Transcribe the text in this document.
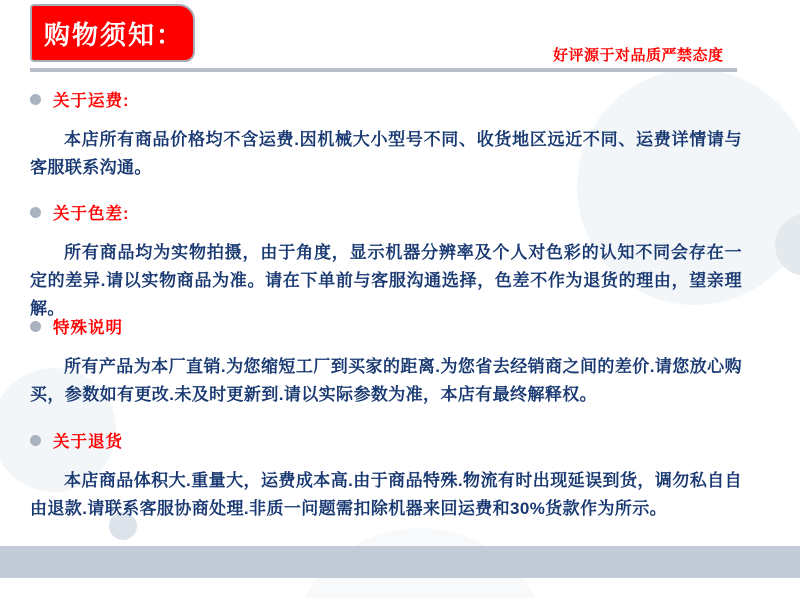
购物须知：
好评源于对品质严禁态度
关于运费:

本店所有商品价格均不含运费.因机械大小型号不同、收货地区远近不同、运费详情请与客服联系沟通。

关于色差:

所有商品均为实物拍摄，由于角度，显示机器分辨率及个人对色彩的认知不同会存在一定的差异.请以实物商品为准。请在下单前与客服沟通选择，色差不作为退货的理由，望亲理解。

特殊说明

所有产品为本厂直销.为您缩短工厂到买家的距离.为您省去经销商之间的差价.请您放心购买，参数如有更改.未及时更新到.请以实际参数为准，本店有最终解释权。

关于退货

本店商品体积大.重量大，运费成本高.由于商品特殊.物流有时出现延误到货，调勿私自自由退款.请联系客服协商处理.非质一问题需扣除机器来回运费和30%货款作为所示。
